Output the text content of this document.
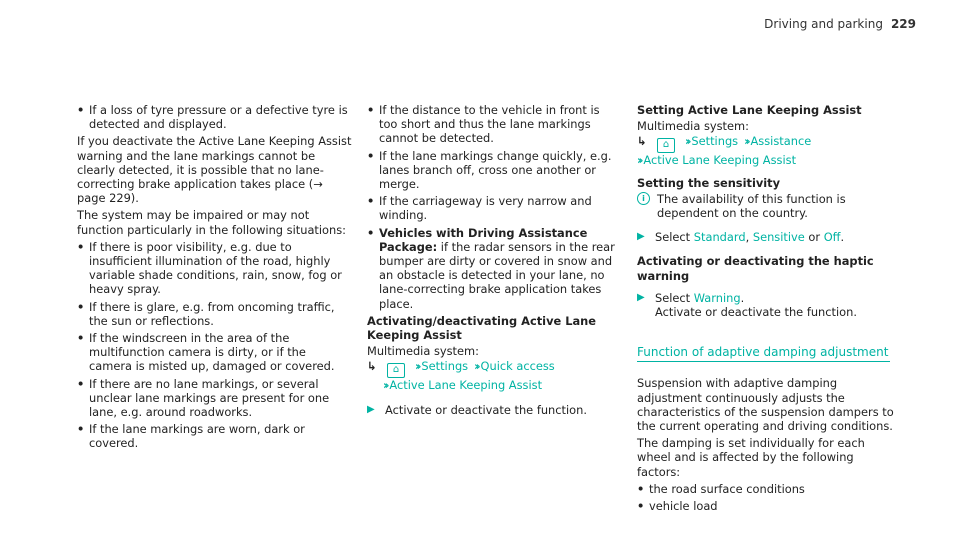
Driving and parking 229
• If a loss of tyre pressure or a defective tyre is detected and displayed.

If you deactivate the Active Lane Keeping Assist warning and the lane markings cannot be clearly detected, it is possible that no lane-correcting brake application takes place (→ page 229).

The system may be impaired or may not function particularly in the following situations:

• If there is poor visibility, e.g. due to insufficient illumination of the road, highly variable shade conditions, rain, snow, fog or heavy spray.
• If there is glare, e.g. from oncoming traffic, the sun or reflections.
• If the windscreen in the area of the multifunction camera is dirty, or if the camera is misted up, damaged or covered.
• If there are no lane markings, or several unclear lane markings are present for one lane, e.g. around roadworks.
• If the lane markings are worn, dark or covered.
• If the distance to the vehicle in front is too short and thus the lane markings cannot be detected.
• If the lane markings change quickly, e.g. lanes branch off, cross one another or merge.
• If the carriageway is very narrow and winding.
• Vehicles with Driving Assistance Package: if the radar sensors in the rear bumper are dirty or covered in snow and an obstacle is detected in your lane, no lane-correcting brake application takes place.
Activating/deactivating Active Lane Keeping Assist
Multimedia system:
↳ ⌂ ›› Settings ›› Quick access
›› Active Lane Keeping Assist
▶ Activate or deactivate the function.
Setting Active Lane Keeping Assist
Multimedia system:
↳ ⌂ ›› Settings ›› Assistance
›› Active Lane Keeping Assist
Setting the sensitivity
i	The availability of this function is dependent on the country.
▶ Select Standard, Sensitive or Off.
Activating or deactivating the haptic warning
▶ Select Warning.
Activate or deactivate the function.
Function of adaptive damping adjustment

Suspension with adaptive damping adjustment continuously adjusts the characteristics of the suspension dampers to the current operating and driving conditions.

The damping is set individually for each wheel and is affected by the following factors:

• the road surface conditions
• vehicle load
